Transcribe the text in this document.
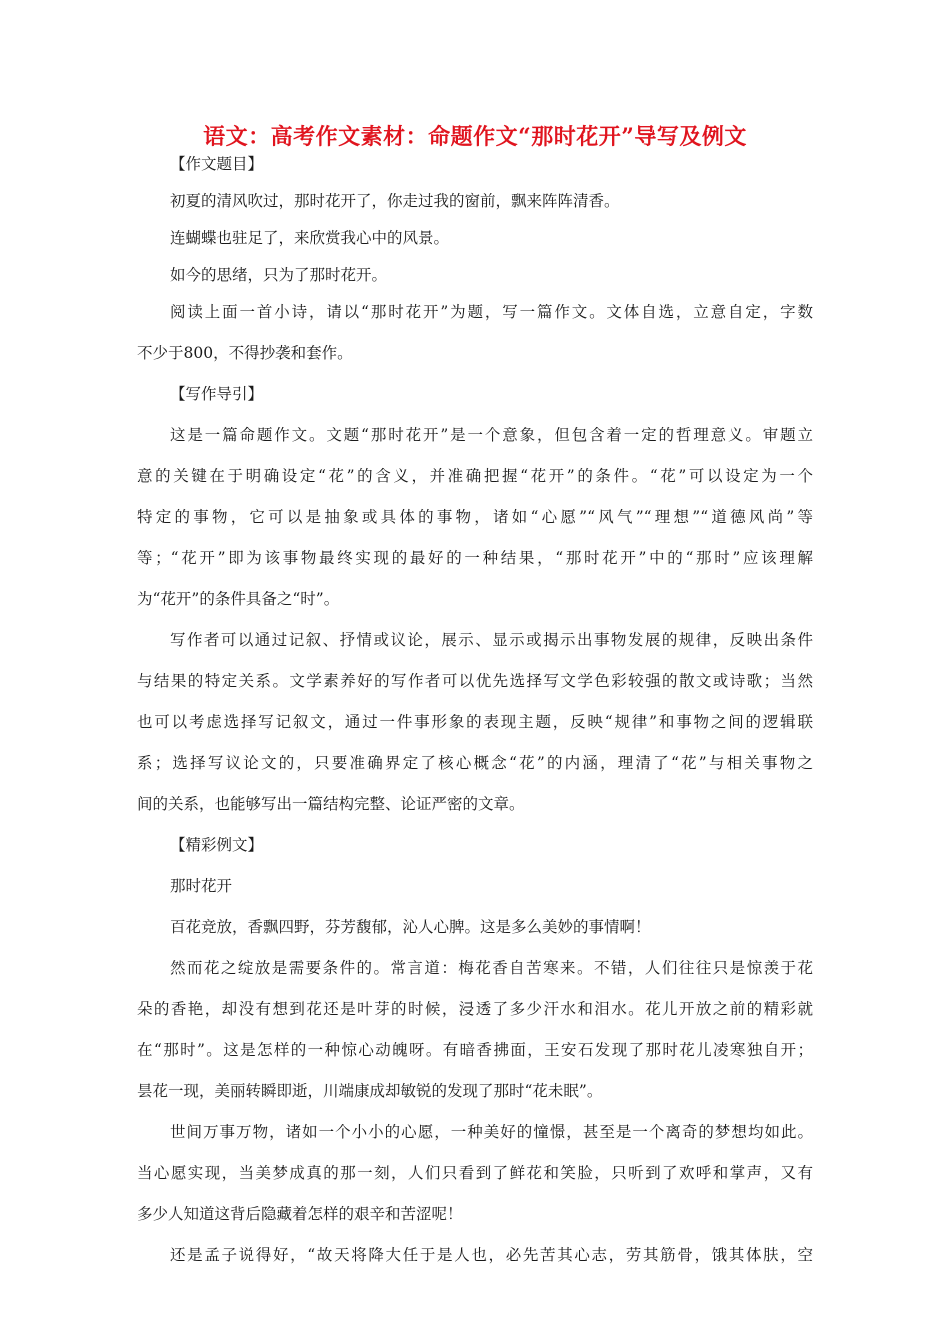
语文：高考作文素材：命题作文“那时花开”导写及例文
【作文题目】
初夏的清风吹过，那时花开了，你走过我的窗前，飘来阵阵清香。
连蝴蝶也驻足了，来欣赏我心中的风景。
如今的思绪，只为了那时花开。
阅读上面一首小诗，请以“那时花开”为题，写一篇作文。文体自选，立意自定，字数
不少于800，不得抄袭和套作。
【写作导引】
这是一篇命题作文。文题“那时花开”是一个意象，但包含着一定的哲理意义。审题立
意的关键在于明确设定“花”的含义，并准确把握“花开”的条件。“花”可以设定为一个
特定的事物，它可以是抽象或具体的事物，诸如“心愿”“风气”“理想”“道德风尚”等
等；“花开”即为该事物最终实现的最好的一种结果，“那时花开”中的“那时”应该理解
为“花开”的条件具备之“时”。
写作者可以通过记叙、抒情或议论，展示、显示或揭示出事物发展的规律，反映出条件
与结果的特定关系。文学素养好的写作者可以优先选择写文学色彩较强的散文或诗歌；当然
也可以考虑选择写记叙文，通过一件事形象的表现主题，反映“规律”和事物之间的逻辑联
系；选择写议论文的，只要准确界定了核心概念“花”的内涵，理清了“花”与相关事物之
间的关系，也能够写出一篇结构完整、论证严密的文章。
【精彩例文】
那时花开
百花竞放，香飘四野，芬芳馥郁，沁人心脾。这是多么美妙的事情啊！
然而花之绽放是需要条件的。常言道：梅花香自苦寒来。不错，人们往往只是惊羡于花
朵的香艳，却没有想到花还是叶芽的时候，浸透了多少汗水和泪水。花儿开放之前的精彩就
在“那时”。这是怎样的一种惊心动魄呀。有暗香拂面，王安石发现了那时花儿凌寒独自开；
昙花一现，美丽转瞬即逝，川端康成却敏锐的发现了那时“花未眠”。
世间万事万物，诸如一个小小的心愿，一种美好的憧憬，甚至是一个离奇的梦想均如此。
当心愿实现，当美梦成真的那一刻，人们只看到了鲜花和笑脸，只听到了欢呼和掌声，又有
多少人知道这背后隐藏着怎样的艰辛和苦涩呢！
还是孟子说得好，“故天将降大任于是人也，必先苦其心志，劳其筋骨，饿其体肤，空
